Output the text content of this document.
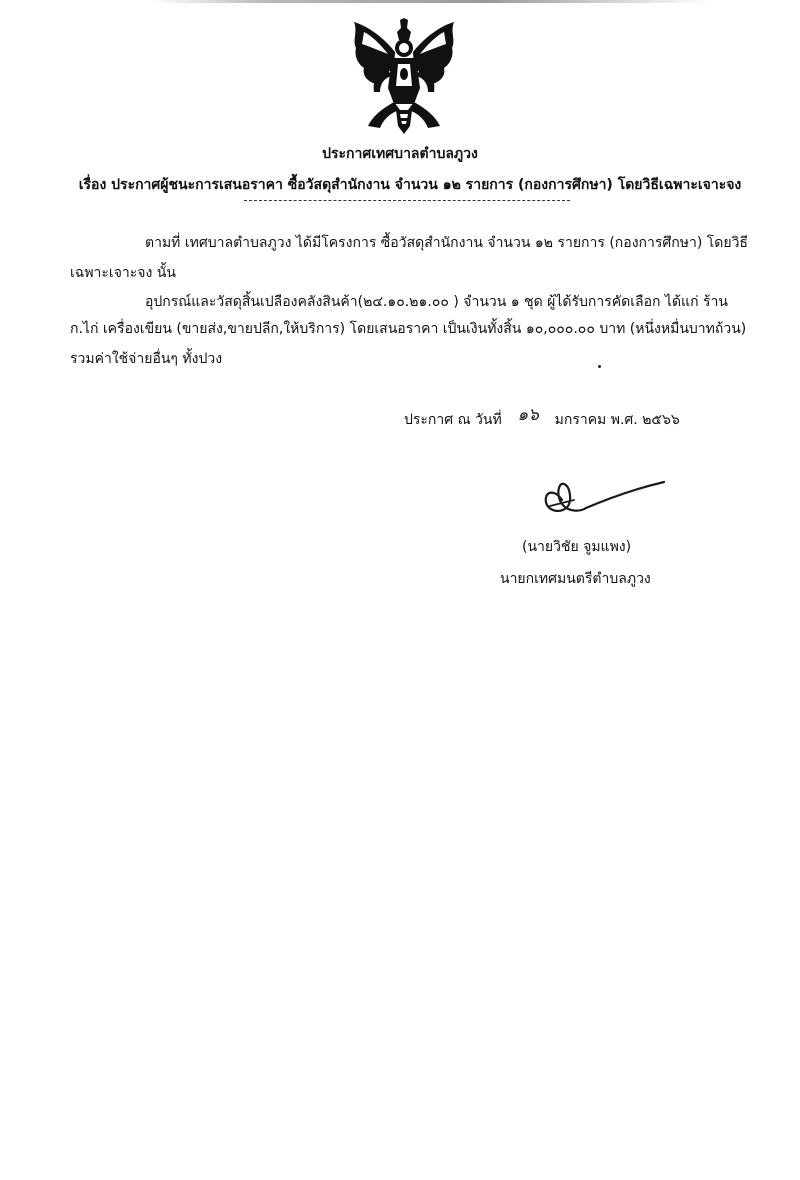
ประกาศเทศบาลตำบลภูวง
เรื่อง ประกาศผู้ชนะการเสนอราคา ซื้อวัสดุสำนักงาน จำนวน ๑๒ รายการ (กองการศึกษา) โดยวิธีเฉพาะเจาะจง
ตามที่ เทศบาลตำบลภูวง ได้มีโครงการ ซื้อวัสดุสำนักงาน จำนวน ๑๒ รายการ (กองการศึกษา) โดยวิธี
เฉพาะเจาะจง นั้น
อุปกรณ์และวัสดุสิ้นเปลืองคลังสินค้า(๒๔.๑๐.๒๑.๐๐ ) จำนวน ๑ ชุด ผู้ได้รับการคัดเลือก ได้แก่ ร้าน
ก.ไก่ เครื่องเขียน (ขายส่ง,ขายปลีก,ให้บริการ) โดยเสนอราคา เป็นเงินทั้งสิ้น ๑๐,๐๐๐.๐๐ บาท (หนึ่งหมื่นบาทถ้วน)
รวมค่าใช้จ่ายอื่นๆ ทั้งปวง
ประกาศ ณ วันที่ ๑๖ มกราคม พ.ศ. ๒๕๖๖
(นายวิชัย จูมแพง)
นายกเทศมนตรีตำบลภูวง
